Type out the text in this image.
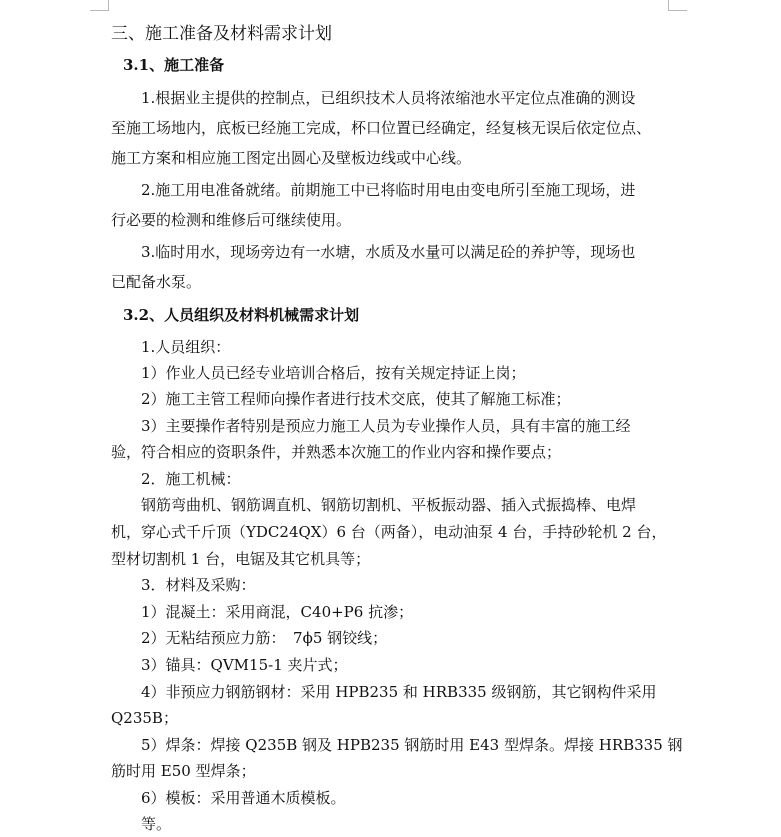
三、施工准备及材料需求计划
3.1、施工准备
1.根据业主提供的控制点，已组织技术人员将浓缩池水平定位点准确的测设
至施工场地内，底板已经施工完成，杯口位置已经确定，经复核无误后依定位点、
施工方案和相应施工图定出圆心及壁板边线或中心线。
2.施工用电准备就绪。前期施工中已将临时用电由变电所引至施工现场，进
行必要的检测和维修后可继续使用。
3.临时用水，现场旁边有一水塘，水质及水量可以满足砼的养护等，现场也
已配备水泵。
3.2、人员组织及材料机械需求计划
1.人员组织：
1）作业人员已经专业培训合格后，按有关规定持证上岗；
2）施工主管工程师向操作者进行技术交底，使其了解施工标准；
3）主要操作者特别是预应力施工人员为专业操作人员，具有丰富的施工经
验，符合相应的资职条件，并熟悉本次施工的作业内容和操作要点；
2．施工机械：
钢筋弯曲机、钢筋调直机、钢筋切割机、平板振动器、插入式振捣棒、电焊
机，穿心式千斤顶（YDC24QX）6 台（两备），电动油泵 4 台，手持砂轮机 2 台，
型材切割机 1 台，电锯及其它机具等；
3．材料及采购：
1）混凝土：采用商混，C40+P6 抗渗；
2）无粘结预应力筋：　7ϕ5 钢铰线；
3）锚具：QVM15-1 夹片式；
4）非预应力钢筋钢材：采用 HPB235 和 HRB335 级钢筋，其它钢构件采用
Q235B；
5）焊条：焊接 Q235B 钢及 HPB235 钢筋时用 E43 型焊条。焊接 HRB335 钢
筋时用 E50 型焊条；
6）模板：采用普通木质模板。
等。
